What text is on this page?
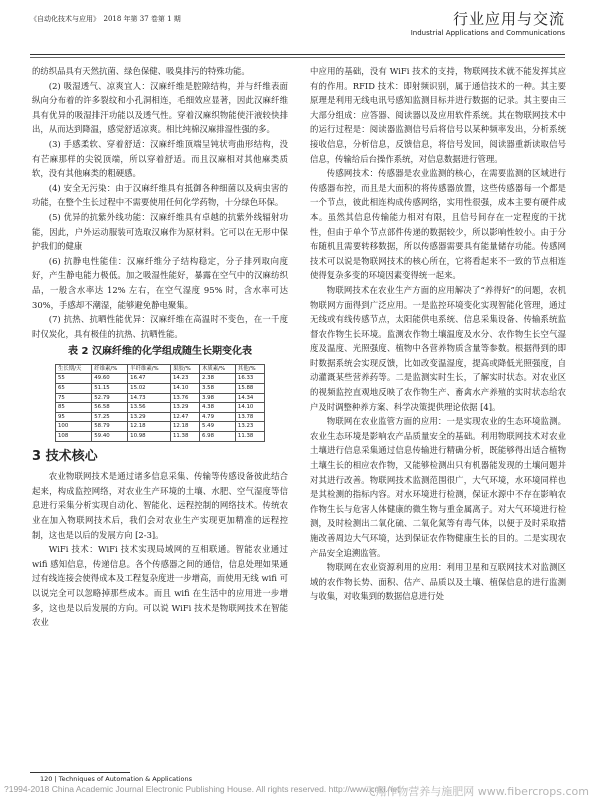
《自动化技术与应用》　2018 年第 37 卷第 1 期	行业应用与交流
Industrial Applications and Communications

的纺织品具有天然抗菌、绿色保健、吸臭排污的特殊功能。

(2) 吸湿透气、凉爽宜人：汉麻纤维是腔隙结构，并与纤维表面纵向分布着的许多裂纹和小孔洞相连，毛细效应显著，因此汉麻纤维具有优异的吸湿排汗功能以及透气性。穿着汉麻织物能使汗液较快排出，从而达到降温，感觉舒适凉爽。相比纯棉汉麻排湿性强的多。

(3) 手感柔软、穿着舒适：汉麻纤维顶端呈钝状弯曲形结构，没有芒麻那样的尖锐顶端，所以穿着舒适。而且汉麻相对其他麻类质软，没有其他麻类的粗硬感。

(4) 安全无污染：由于汉麻纤维具有抵御各种细菌以及病虫害的功能，在整个生长过程中不需要使用任何化学药物，十分绿色环保。

(5) 优异的抗紫外线功能：汉麻纤维具有卓越的抗紫外线辐射功能，因此，户外运动服装可选取汉麻作为原材料。它可以在无形中保护我们的健康

(6) 抗静电性能佳：汉麻纤维分子结构稳定，分子排列取向度好，产生静电能力极低。加之吸湿性能好，暴露在空气中的汉麻纺织品，一般含水率达 12% 左右，在空气湿度 95% 时，含水率可达 30%，手感却不潮湿，能够避免静电聚集。

(7) 抗热、抗晒性能优异：汉麻纤维在高温时不变色，在一千度时仅炭化，具有极佳的抗热、抗晒性能。

表 2 汉麻纤维的化学组成随生长期变化表
生长期/天	纤维素/%	半纤维素/%	果胶/%	木质素/%	其他/%
55	49.60	16.47	14.23	2.38	16.33
65	51.15	15.02	14.10	3.58	15.88
75	52.79	14.73	13.76	3.98	14.34
85	56.58	13.56	13.29	4.38	14.10
95	57.25	13.29	12.47	4.79	13.78
100	58.79	12.18	12.18	5.49	13.23
108	59.40	10.98	11.38	6.98	11.38
3 技术核心

农业物联网技术是通过诸多信息采集、传输等传感设备彼此结合起来，构成监控网络，对农业生产环境的土壤、水肥、空气湿度等信息进行采集分析实现自动化、智能化、远程控制的网络技术。传统农业在加入物联网技术后，我们会对农业生产实现更加精准的远程控制，这也是以后的发展方向 [2-3]。

WiFi 技术：WiFi 技术实现局域网的互相联通。智能农业通过 wifi 感知信息，传递信息。各个传感器之间的通信，信息处理如果通过有线连接会使得成本及工程复杂度进一步增高，而使用无线 wifi 可以说完全可以忽略掉那些成本。而且 wifi 在生活中的应用进一步增多，这也是以后发展的方向。可以说 WiFi 技术是物联网技术在智能农业

中应用的基础，没有 WiFi 技术的支持，物联网技术就不能发挥其应有的作用。RFID 技术：即射频识别，属于通信技术的一种。其主要原理是利用无线电讯号感知监测目标并进行数据的记录。其主要由三大部分组成：应答器、阅读器以及应用软件系统。其在物联网技术中的运行过程是：阅读器监测信号后将信号以某种频率发出，分析系统接收信息，分析信息，反馈信息，将信号发回，阅读器重新读取信号信息，传输给后台操作系统，对信息数据进行管理。

传感网技术：传感器是农业监测的核心，在需要监测的区域进行传感器布控，而且是大面积的将传感器放置，这些传感器每一个都是一个节点，彼此相连构成传感网络，实用性很强，成本主要有硬件成本。虽然其信息传输能力相对有限，且信号间存在一定程度的干扰性，但由于单个节点部件传递的数据较少，所以影响性较小。由于分布随机且需要转移数据，所以传感器需要具有能量储存功能。传感网技术可以说是物联网技术的核心所在，它将看起来不一致的节点相连使得复杂多变的环境因素变得统一起来。

物联网技术在农业生产方面的应用解决了“养得好”的问题，农机物联网方面得到广泛应用。一是监控环境变化实现智能化管理，通过无线或有线传感节点，太阳能供电系统、信息采集设备、传输系统监督农作物生长环境。监测农作物土壤温度及水分、农作物生长空气湿度及温度、光照强度、植物中各营养物质含量等参数。根据得到的即时数据系统会实现反馈，比如改变温湿度，提高或降低光照强度，自动灌溉某些营养药等。二是监测实时生长，了解实时状态。对农业区的视频监控直观地反映了农作物生产、畜禽水产养殖的实时状态给农户及时调整种养方案、科学决策提供理论依据 [4]。

物联网在农业监管方面的应用：一是实现农业的生态环境监测。农业生态环境是影响农产品质量安全的基础。利用物联网技术对农业土壤进行信息采集通过信息传输进行精确分析，既能够得出适合植物土壤生长的相应农作物，又能够检测出只有机器能发现的土壤问题并对其进行改善。物联网技术监测范围很广，大气环境，水环境同样也是其检测的指标内容。对水环境进行检测，保证水源中不存在影响农作物生长与危害人体健康的微生物与重金属离子。对大气环境进行检测，及时检测出二氧化硫、二氧化氮等有毒气体，以便于及时采取措施改善周边大气环境，达到保证农作物健康生长的目的。二是实现农产品安全追溯监管。

物联网在农业资源利用的应用：利用卫星和互联网技术对监测区域的农作物长势、面积、估产、品质以及土壤、植保信息的进行监测与收集，对收集到的数据信息进行处

120 | Techniques of Automation & Applications
?1994-2018 China Academic Journal Electronic Publishing House. All rights reserved. http://www.cnki.net
飞翔作物营养与施肥网 www.fibercrops.com
